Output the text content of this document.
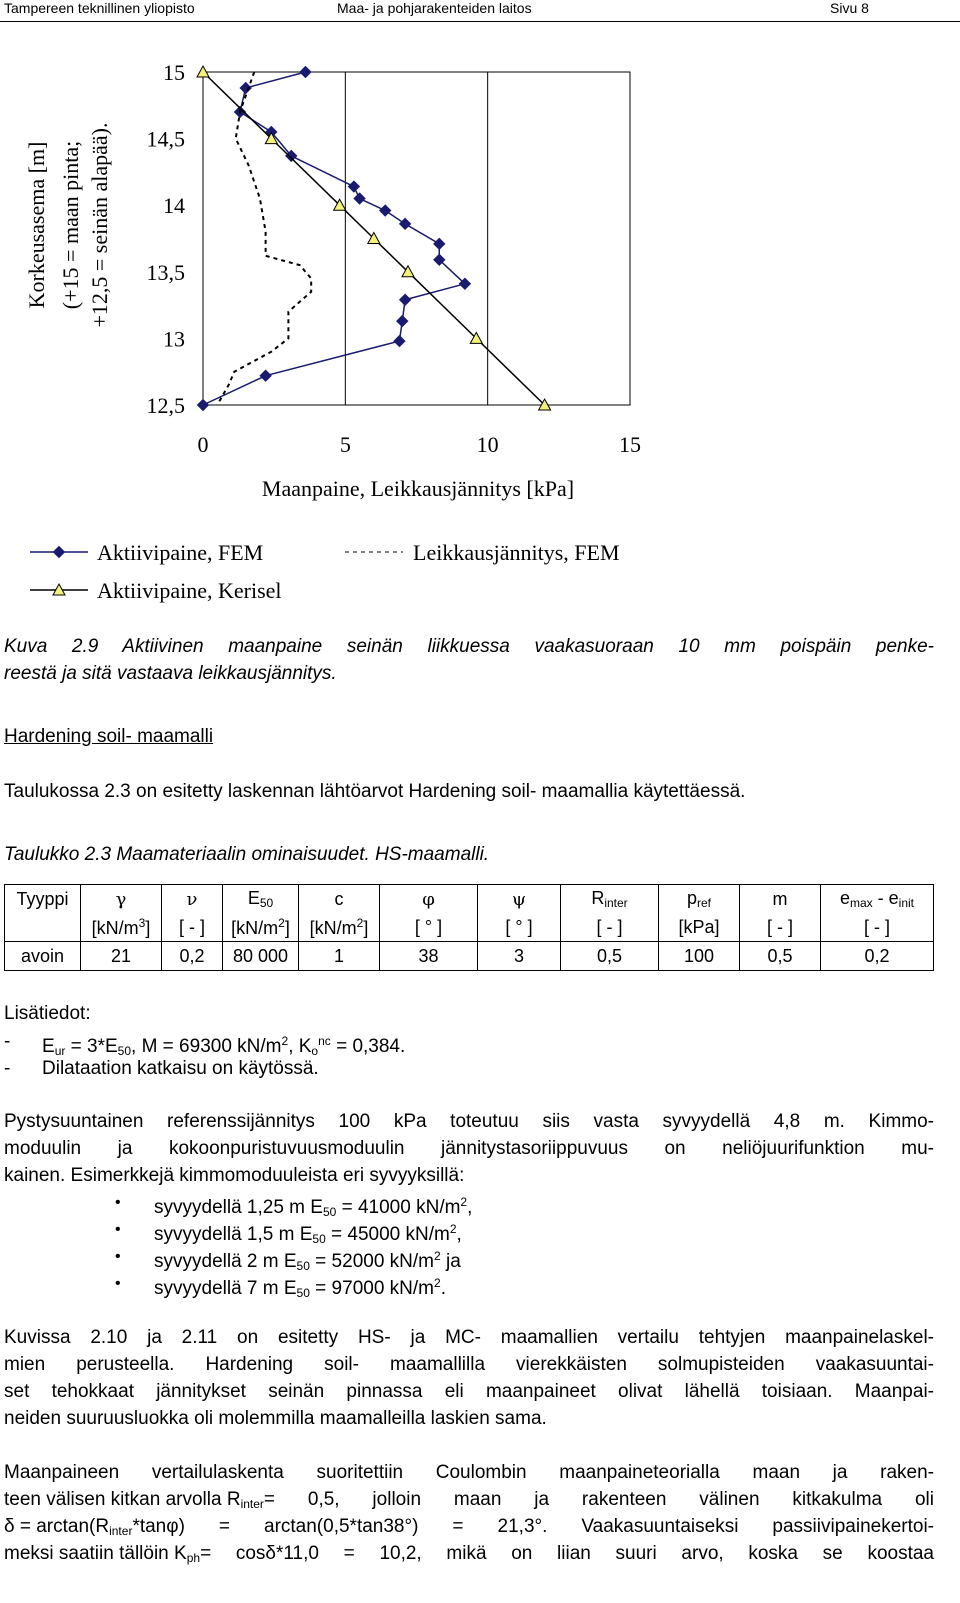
Tampereen teknillinen yliopisto	Maa- ja pohjarakenteiden laitos	Sivu 8
Korkeusasema [m] (+15 = maan pinta; +12,5 = seinän alapää).
0	5	10	15
15
14,5
14
13,5
13
12,5
Maanpaine, Leikkausjännitys [kPa]
Aktiivipaine, FEM
Aktiivipaine, Kerisel
Leikkausjännitys, FEM
Kuva 2.9 Aktiivinen maanpaine seinän liikkuessa vaakasuoraan 10 mm poispäin penke-
reestä ja sitä vastaava leikkausjännitys.
Hardening soil- maamalli
Taulukossa 2.3 on esitetty laskennan lähtöarvot Hardening soil- maamallia käytettäessä.
Taulukko 2.3 Maamateriaalin ominaisuudet. HS-maamalli.
Tyyppi	γ	ν	$E_{50}$	c	φ	ψ	$R_{inter}$	$p_{ref}$	m	$e_{max} - e_{init}$
	$[kN/m^3]$	[ - ]	$[kN/m^2]$	$[kN/m^2]$	[ ° ]	[ ° ]	[ - ]	[kPa]	[ - ]	[ - ]
avoin	21	0,2	80 000	1	38	3	0,5	100	0,5	0,2
Lisätiedot:
- $E_{ur} = 3*E_{50}$, M = 69300 $kN/m^2$, $K_o^{nc} = 0,384$.
- Dilataation katkaisu on käytössä.
Pystysuuntainen referenssijännitys 100 kPa toteutuu siis vasta syvyydellä 4,8 m. Kimmo-
moduulin ja kokoonpuristuvuusmoduulin jännitystasoriippuvuus on neliöjuurifunktion mu-
kainen. Esimerkkejä kimmomoduuleista eri syvyyksillä:
• syvyydellä 1,25 m $E_{50} = 41000$ $kN/m^2$,
• syvyydellä 1,5 m $E_{50} = 45000$ $kN/m^2$,
• syvyydellä 2 m $E_{50} = 52000$ $kN/m^2$ ja
• syvyydellä 7 m $E_{50} = 97000$ $kN/m^2$.
Kuvissa 2.10 ja 2.11 on esitetty HS- ja MC- maamallien vertailu tehtyjen maanpainelaskel-
mien perusteella. Hardening soil- maamallilla vierekkäisten solmupisteiden vaakasuuntai-
set tehokkaat jännitykset seinän pinnassa eli maanpaineet olivat lähellä toisiaan. Maanpai-
neiden suuruusluokka oli molemmilla maamalleilla laskien sama.
Maanpaineen vertailulaskenta suoritettiin Coulombin maanpaineteorialla maan ja raken-
teen välisen kitkan arvolla $R_{inter} = 0,5$, jolloin maan ja rakenteen välinen kitkakulma oli
$\delta = \arctan(R_{inter}$ *tanφ) = arctan(0,5*tan38°) = 21,3°. Vaakasuuntaiseksi passiivipainekertoi-
meksi saatiin tällöin $K_{ph} = \cos\delta*11,0 = 10,2$, mikä on liian suuri arvo, koska se koostaa
